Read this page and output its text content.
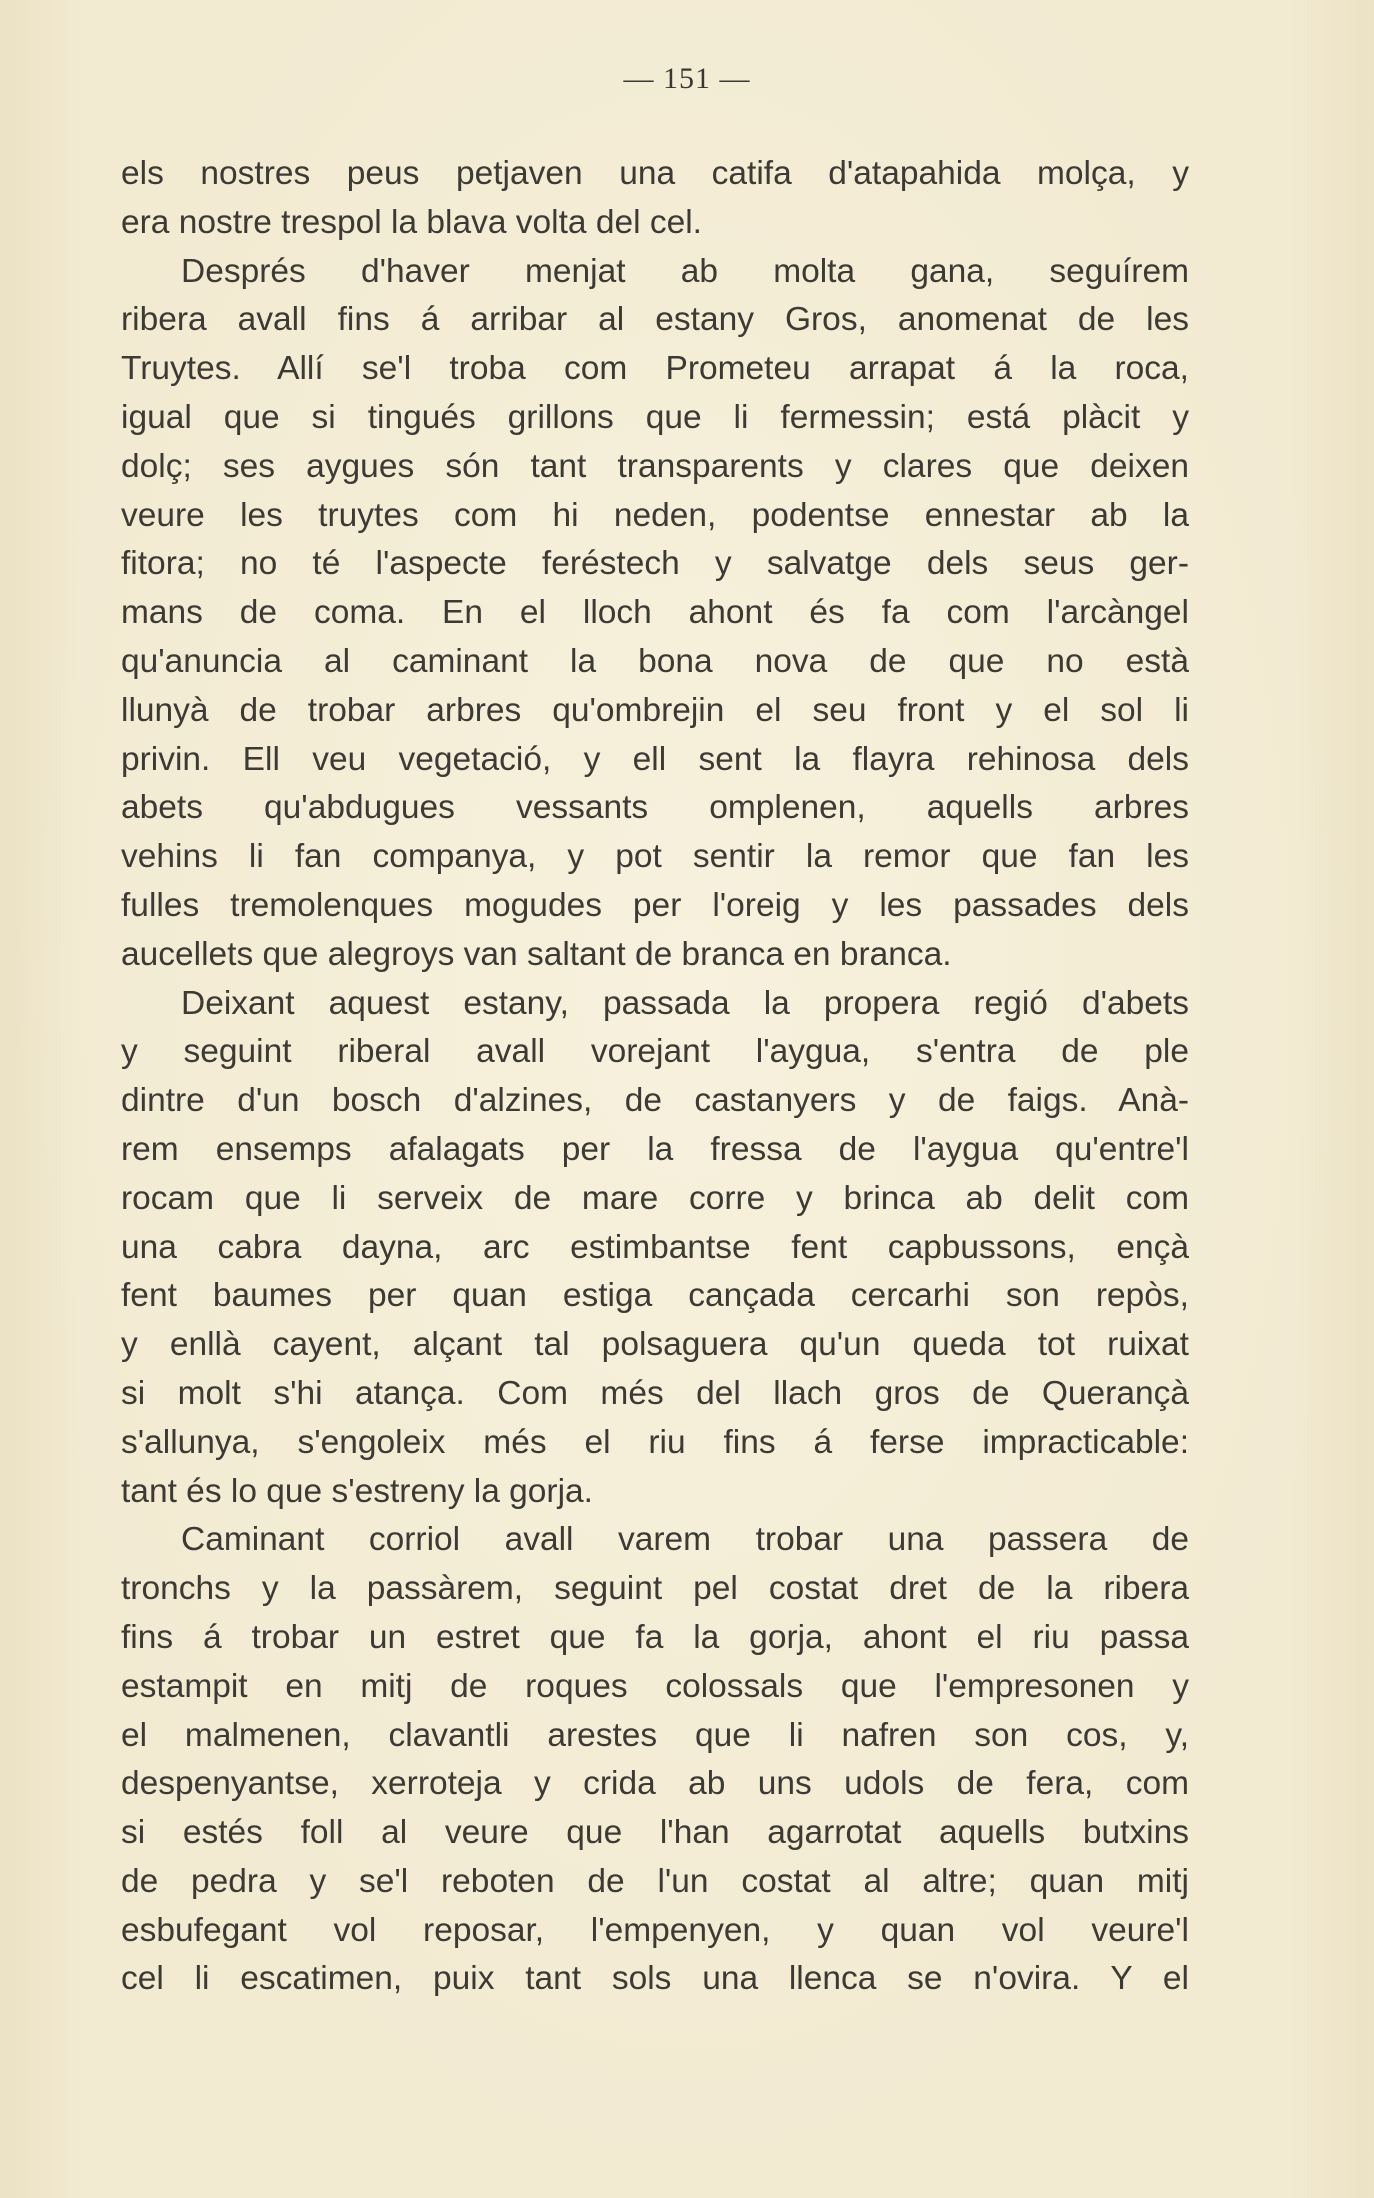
— 151 —
els nostres peus petjaven una catifa d'atapahida molça, y
era nostre trespol la blava volta del cel.
Després d'haver menjat ab molta gana, seguírem
ribera avall fins á arribar al estany Gros, anomenat de les
Truytes. Allí se'l troba com Prometeu arrapat á la roca,
igual que si tingués grillons que li fermessin; está plàcit y
dolç; ses aygues són tant transparents y clares que deixen
veure les truytes com hi neden, podentse ennestar ab la
fitora; no té l'aspecte feréstech y salvatge dels seus ger-
mans de coma. En el lloch ahont és fa com l'arcàngel
qu'anuncia al caminant la bona nova de que no està
llunyà de trobar arbres qu'ombrejin el seu front y el sol li
privin. Ell veu vegetació, y ell sent la flayra rehinosa dels
abets qu'abdugues vessants omplenen, aquells arbres
vehins li fan companya, y pot sentir la remor que fan les
fulles tremolenques mogudes per l'oreig y les passades dels
aucellets que alegroys van saltant de branca en branca.
Deixant aquest estany, passada la propera regió d'abets
y seguint riberal avall vorejant l'aygua, s'entra de ple
dintre d'un bosch d'alzines, de castanyers y de faigs. Anà-
rem ensemps afalagats per la fressa de l'aygua qu'entre'l
rocam que li serveix de mare corre y brinca ab delit com
una cabra dayna, arc estimbantse fent capbussons, ençà
fent baumes per quan estiga cançada cercarhi son repòs,
y enllà cayent, alçant tal polsaguera qu'un queda tot ruixat
si molt s'hi atança. Com més del llach gros de Querançà
s'allunya, s'engoleix més el riu fins á ferse impracticable:
tant és lo que s'estreny la gorja.
Caminant corriol avall varem trobar una passera de
tronchs y la passàrem, seguint pel costat dret de la ribera
fins á trobar un estret que fa la gorja, ahont el riu passa
estampit en mitj de roques colossals que l'empresonen y
el malmenen, clavantli arestes que li nafren son cos, y,
despenyantse, xerroteja y crida ab uns udols de fera, com
si estés foll al veure que l'han agarrotat aquells butxins
de pedra y se'l reboten de l'un costat al altre; quan mitj
esbufegant vol reposar, l'empenyen, y quan vol veure'l
cel li escatimen, puix tant sols una llenca se n'ovira. Y el
